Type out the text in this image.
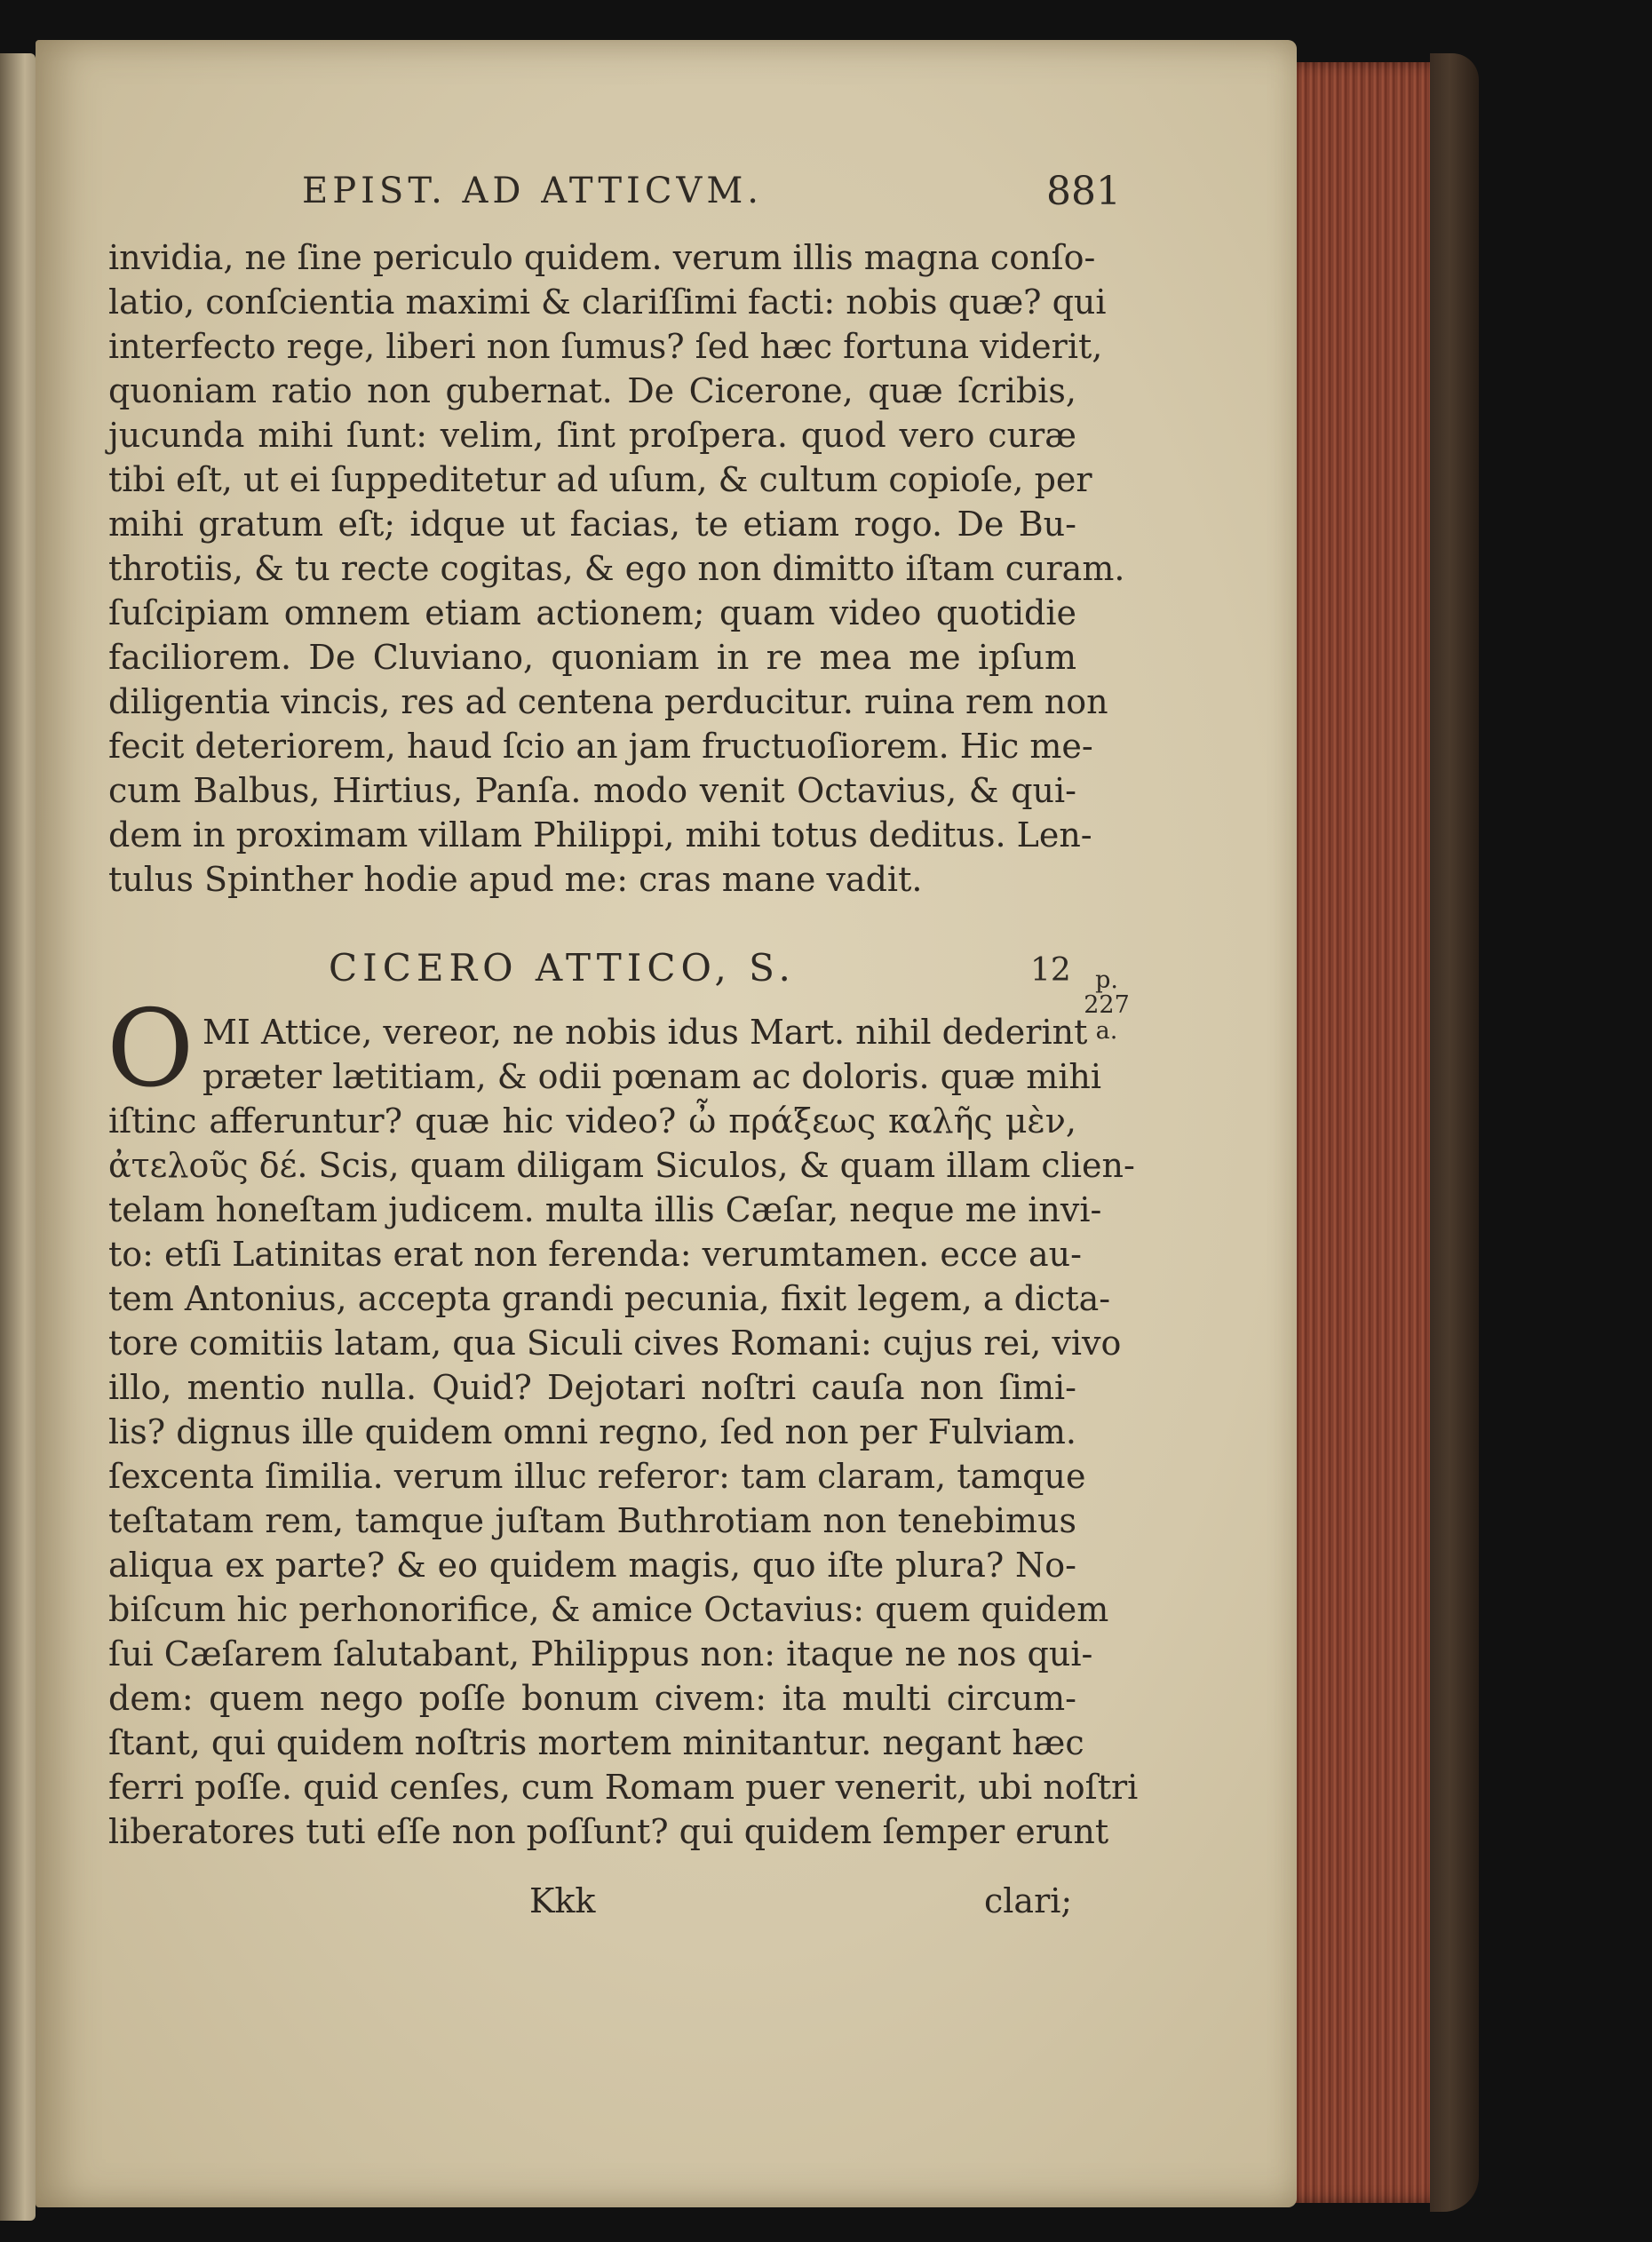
EPIST. AD ATTICVM.	881
invidia, ne ſine periculo quidem. verum illis magna conſo-
latio, conſcientia maximi & clariſſimi facti: nobis quæ? qui
interfecto rege, liberi non ſumus? ſed hæc fortuna viderit,
quoniam ratio non gubernat. De Cicerone, quæ ſcribis,
jucunda mihi ſunt: velim, ſint proſpera. quod vero curæ
tibi eſt, ut ei ſuppeditetur ad uſum, & cultum copioſe, per
mihi gratum eſt; idque ut facias, te etiam rogo. De Bu-
throtiis, & tu recte cogitas, & ego non dimitto iſtam curam.
ſuſcipiam omnem etiam actionem; quam video quotidie
faciliorem. De Cluviano, quoniam in re mea me ipſum
diligentia vincis, res ad centena perducitur. ruina rem non
fecit deteriorem, haud ſcio an jam fructuoſiorem. Hic me-
cum Balbus, Hirtius, Panſa. modo venit Octavius, & qui-
dem in proximam villam Philippi, mihi totus deditus. Len-
tulus Spinther hodie apud me: cras mane vadit.
CICERO ATTICO, S.	12	p.
227
a.
O MI Attice, vereor, ne nobis idus Mart. nihil dederint
præter lætitiam, & odii pœnam ac doloris. quæ mihi
iſtinc afferuntur? quæ hic video? ὦ πράξεως καλῆς μὲν,
ἀτελοῦς δέ. Scis, quam diligam Siculos, & quam illam clien-
telam honeſtam judicem. multa illis Cæſar, neque me invi-
to: etſi Latinitas erat non ferenda: verumtamen. ecce au-
tem Antonius, accepta grandi pecunia, fixit legem, a dicta-
tore comitiis latam, qua Siculi cives Romani: cujus rei, vivo
illo, mentio nulla. Quid? Dejotari noſtri cauſa non ſimi-
lis? dignus ille quidem omni regno, ſed non per Fulviam.
ſexcenta ſimilia. verum illuc referor: tam claram, tamque
teſtatam rem, tamque juſtam Buthrotiam non tenebimus
aliqua ex parte? & eo quidem magis, quo iſte plura? No-
biſcum hic perhonorifice, & amice Octavius: quem quidem
ſui Cæſarem ſalutabant, Philippus non: itaque ne nos qui-
dem: quem nego poſſe bonum civem: ita multi circum-
ſtant, qui quidem noſtris mortem minitantur. negant hæc
ferri poſſe. quid cenſes, cum Romam puer venerit, ubi noſtri
liberatores tuti eſſe non poſſunt? qui quidem ſemper erunt
Kkk	clari;
